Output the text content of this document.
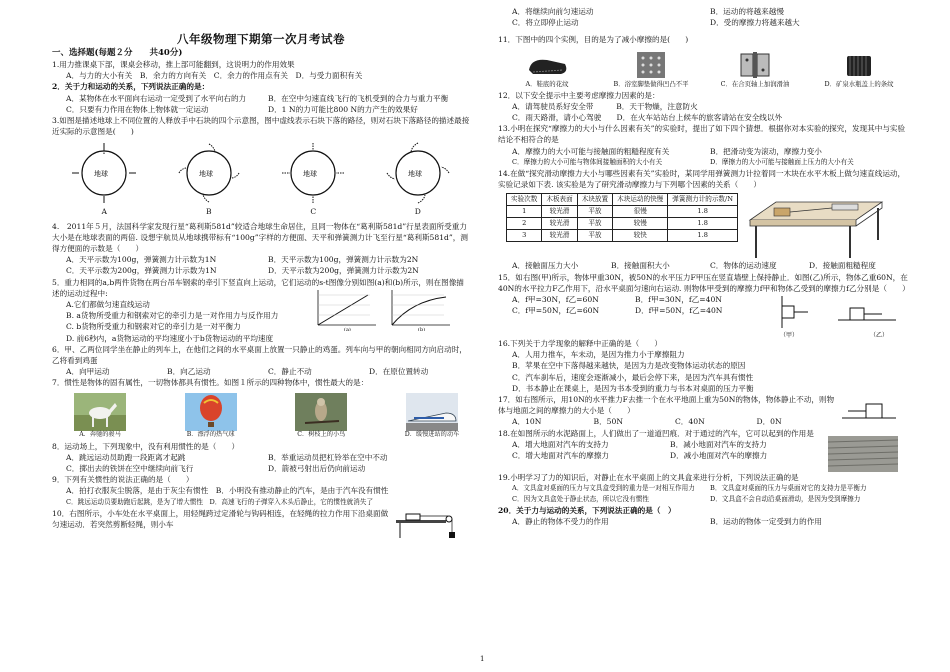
八年级物理下期第一次月考试卷
一、选择题(每题２分　　共40分)
1.用力推课桌下部，课桌会移动，推上部可能翻到，这说明力的作用效果
A．与力的大小有关　 B．余力的方向有关　 C．余力的作用点有关　 D．与受力面积有关
2．关于力和运动的关系，下列说法正确的是：
A．某物体在水平面向右运动一定受到了水平向右的力	B．在空中匀速直线飞行的飞机受到的合力与重力平衡
C．只要有力作用在物体上物体就一定运动	D．1 N的力可能比800 N的力产生的效果好
3.如图是描述地球上不同位置的人释放手中石块的四个示意图，图中虚线表示石块下落的路径，则对石块下落路径的描述最接近实际的示意图是(　　)
地球
A
地球
B
地球
C
地球
D
4.　2011年５月，法国科学家发现行星“葛利斯581d”较适合地球生命居住，且同一物体在“葛利斯581d”行星表面所受重力大小是在地球表面的两倍. 设想宇航员从地球携带标有“100g”字样的方便面、天平和弹簧测力计飞至行星“葛利斯581d”，测得方便面的示数是（　　）
A．天平示数为100g，弹簧测力计示数为1N	B．天平示数为100g，弹簧测力计示数为2N
C．天平示数为200g，弹簧测力计示数为1N	D．天平示数为200g，弹簧测力计示数为2N
5．重力相同的a,b两件货物在两台吊车钢索的牵引下竖直向上运动，它们运动的s-t图像分别如图(a)和(b)所示，则在图像描述的运动过程中:
A.它们都做匀速直线运动
B. a货物所受重力和钢索对它的牵引力是一对作用力与反作用力
C. b货物所受重力和钢索对它的牵引力是一对平衡力	(a)	(b)
D. 前6秒内，a货物运动的平均速度小于b货物运动的平均速度
6．甲、乙两位同学坐在静止的列车上，在他们之间的水平桌面上放置一只静止的鸡蛋。列车向与甲的朝向相同方向启动时，乙将看到鸡蛋
A．向甲运动	B．向乙运动	C．静止不动	D．在原位置转动
7．惯性是物体的固有属性，一切物体都具有惯性。如图１所示的四种物体中，惯性最大的是：
A．奔驰的骏马	B．漂浮的热气球	C．树枝上的小鸟	D．缓慢进站的动车
8．运动场上，下列现象中，没有利用惯性的是（　　）
A．跳远运动员助跑一段距离才起跳	B．举重运动员把杠铃举在空中不动
C．掷出去的铁饼在空中继续向前飞行	D．箭被弓射出后仍向前运动
9．下列有关惯性的说法正确的是（　　）
A．拍打衣服灰尘脱落，是由于灰尘有惯性　 B．小明没有推动静止的汽车，是由于汽车没有惯性
C．跳远运动员要助跑后起跳，是为了增大惯性　 D．高速飞行的子弹穿入木头后静止，它的惯性就消失了
10．右图所示，小车处在水平桌面上，用轻绳跨过定滑轮与钩码相连，在轻绳的拉力作用下沿桌面做匀速运动．若突然剪断轻绳，则小车
A．将继续向前匀速运动	B．运动的将越来越慢
C．将立即停止运动	D．受的摩擦力将越来越大
11．下图中的四个实例，目的是为了减小摩擦的是(　　)
A．鞋底的花纹	B．浴室脚垫做得凹凸不平	C．在合页轴上加润滑油	D．矿泉水瓶盖上的条纹
12．以下安全提示中主要考虑摩擦力因素的是：
A．请驾驶员系好安全带　　　	B．天干物燥，注意防火
C．雨天路滑，请小心驾驶　　 D．在火车站站台上候车的旅客请站在安全线以外
13.小明在探究“摩擦力的大小与什么因素有关”的实验时，提出了如下四个猜想．根据你对本实验的探究，发现其中与实验结论不相符合的是
A．摩擦力的大小可能与接触面的粗糙程度有关	B．把滑动变为滚动，摩擦力变小
C．摩擦力的大小可能与物体间接触面积的大小有关	D．摩擦力的大小可能与接触面上压力的大小有关
14.在做“探究滑动摩擦力大小与哪些因素有关”实验时，某同学用弹簧测力计拉着同一木块在水平木板上做匀速直线运动，实验记录如下表. 该实验是为了研究滑动摩擦力与下列哪个因素的关系（　　）
实验次数	木板表面	木块放置	木块运动的快慢	弹簧测力计的示数/N
1	较光滑	平放	很慢	1.8
2	较光滑	平放	较慢	1.8
3	较光滑	平放	较快	1.8
A．接触面压力大小	B．接触面积大小	C．物体的运动速度	D．接触面粗糙程度
15．如右图(甲)所示，物体甲重30N，被50N的水平压力F甲压在竖直墙壁上保持静止．如图(乙)所示，物体乙重60N，在40N的水平拉力F乙作用下，沿水平桌面匀速向右运动. 则物体甲受到的摩擦力f甲和物体乙受到的摩擦力f乙分别是（　　）
A．f甲=30N，f乙=60N	B．f甲=30N，f乙=40N
C．f甲=50N，f乙=60N	D．f甲=50N，f乙=40N
（甲）	（乙）
16.下列关于力学现象的解释中正确的是（　　）
A．人用力推车，车未动，是因为推力小于摩擦阻力
B．苹果在空中下落得越来越快，是因为力是改变物体运动状态的原因
C．汽车刹车后，速度会逐渐减小，最后会停下来，是因为汽车具有惯性
D．书本静止在课桌上，是因为书本受到的重力与书本对桌面的压力平衡
17．如右图所示，用10N的水平推力F去推一个在水平地面上重为50N的物体，物体静止不动，则物体与地面之间的摩擦力的大小是（　　）
A．10N	B．50N	C．40N	D．0N
18.在如图所示的水泥路面上，人们做出了一道道凹痕．对于通过的汽车，它可以起到的作用是
A．增大地面对汽车的支持力	B．减小地面对汽车的支持力
C．增大地面对汽车的摩擦力	D．减小地面对汽车的摩擦力
19.小明学习了力的知识后，对静止在水平桌面上的文具盒来进行分析，下列说法正确的是
A．文具盒对桌面的压力与文具盒受到的重力是一对相互作用力	B．文具盒对桌面的压力与桌面对它的支持力是平衡力
C．因为文具盒处于静止状态，所以它没有惯性	D．文具盒不会自动沿桌面滑动，是因为受到摩擦力
20．关于力与运动的关系，下列说法正确的是（　）
A．静止的物体不受力的作用	B．运动的物体一定受到力的作用
1
